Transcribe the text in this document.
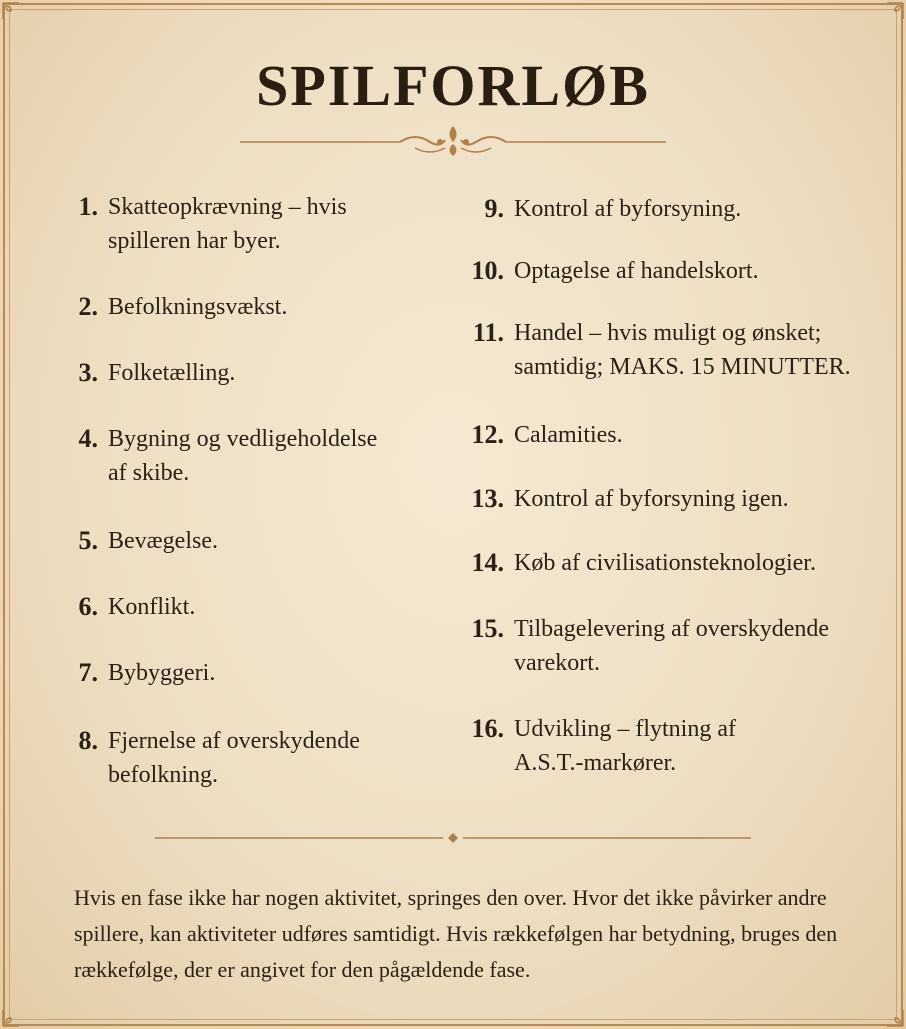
SPILFORLØB
1. Skatteopkrævning – hvis spilleren har byer.
2. Befolkningsvækst.
3. Folketælling.
4. Bygning og vedligeholdelse af skibe.
5. Bevægelse.
6. Konflikt.
7. Bybyggeri.
8. Fjernelse af overskydende befolkning.
9. Kontrol af byforsyning.
10. Optagelse af handelskort.
11. Handel – hvis muligt og ønsket; samtidig; MAKS. 15 MINUTTER.
12. Calamities.
13. Kontrol af byforsyning igen.
14. Køb af civilisationsteknologier.
15. Tilbagelevering af overskydende varekort.
16. Udvikling – flytning af A.S.T.-markører.
Hvis en fase ikke har nogen aktivitet, springes den over. Hvor det ikke påvirker andre spillere, kan aktiviteter udføres samtidigt. Hvis rækkefølgen har betydning, bruges den rækkefølge, der er angivet for den pågældende fase.
